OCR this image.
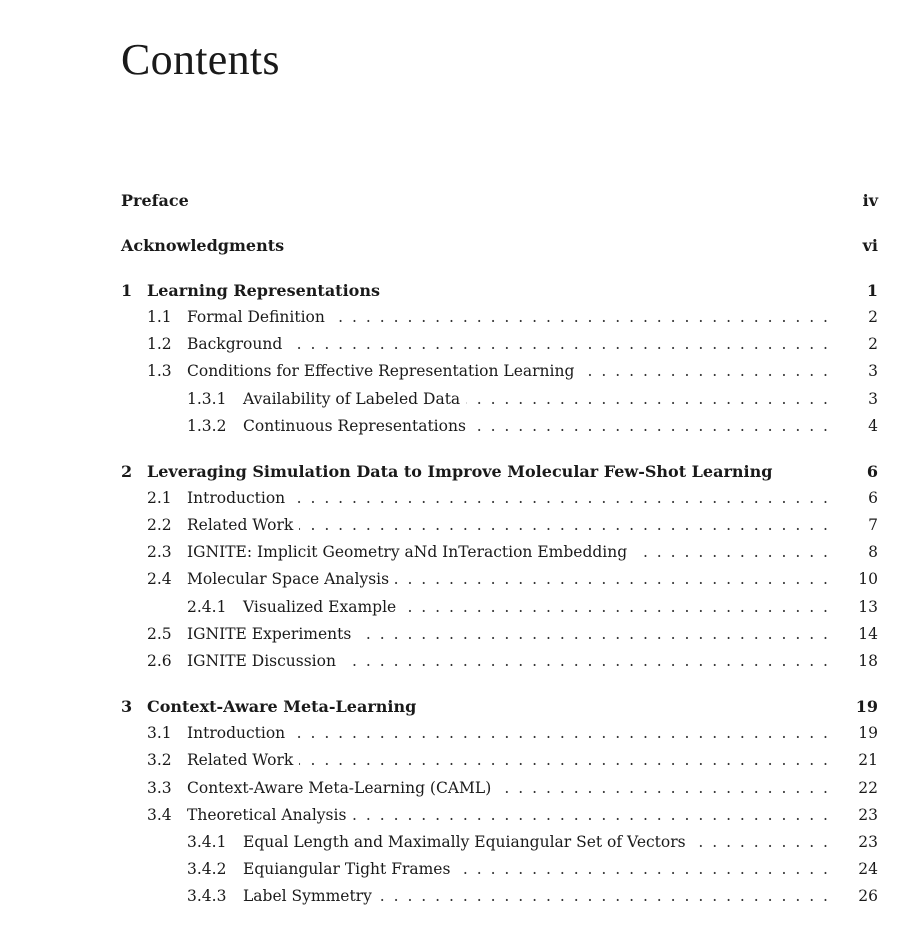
Contents
Preface	iv
Acknowledgments	vi
1 Learning Representations	1
1.1 Formal Definition . . .	2
1.2 Background . . .	2
1.3 Conditions for Effective Representation Learning . . .	3
1.3.1	Availability of Labeled Data . . .	3
1.3.2	Continuous Representations . . .	4
2 Leveraging Simulation Data to Improve Molecular Few-Shot Learning	6
2.1 Introduction . . .	6
2.2 Related Work . . .	7
2.3 IGNITE: Implicit Geometry aNd InTeraction Embedding . . .	8
2.4 Molecular Space Analysis . . .	10
2.4.1	Visualized Example . . .	13
2.5 IGNITE Experiments . . .	14
2.6 IGNITE Discussion . . .	18
3 Context-Aware Meta-Learning	19
3.1 Introduction . . .	19
3.2 Related Work . . .	21
3.3 Context-Aware Meta-Learning (CAML) . . .	22
3.4 Theoretical Analysis . . .	23
3.4.1	Equal Length and Maximally Equiangular Set of Vectors . . .	23
3.4.2	Equiangular Tight Frames . . .	24
3.4.3	Label Symmetry . . .	26
